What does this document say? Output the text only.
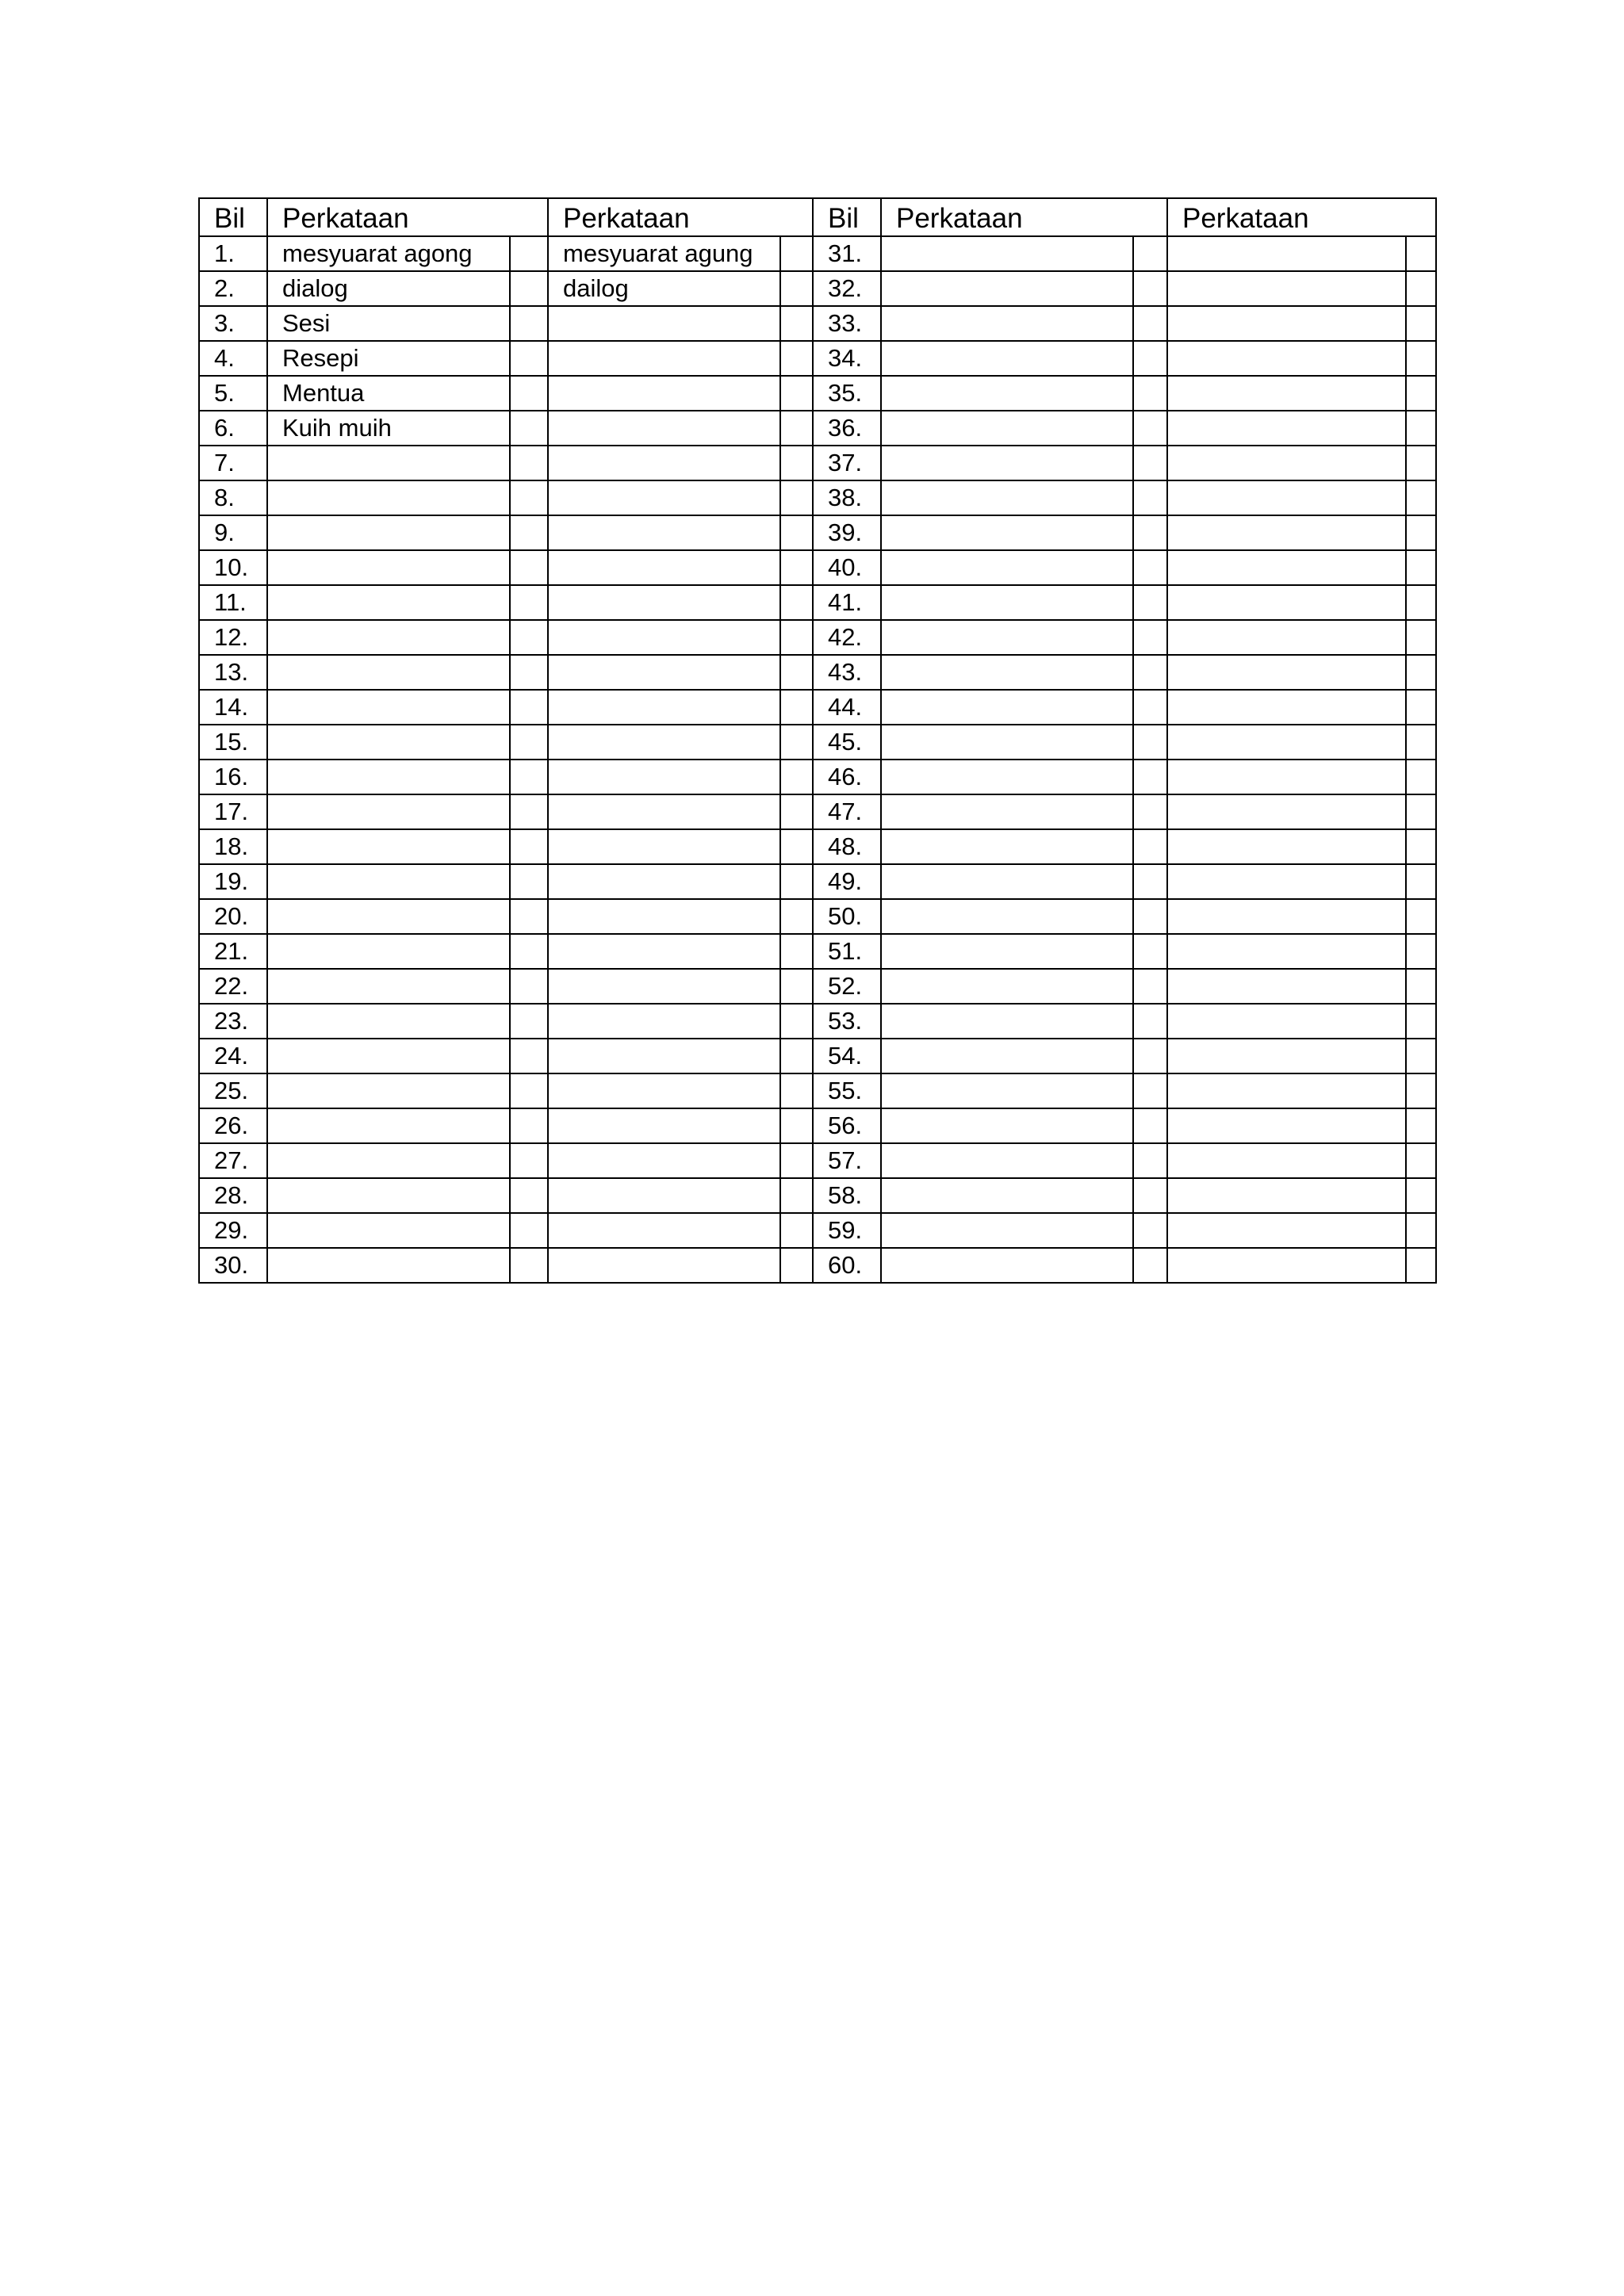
Bil	Perkataan		Perkataan		Bil	Perkataan		Perkataan	
1.	mesyuarat agong		mesyuarat agung		31.				
2.	dialog		dailog		32.				
3.	Sesi				33.				
4.	Resepi				34.				
5.	Mentua				35.				
6.	Kuih muih				36.				
7.					37.				
8.					38.				
9.					39.				
10.					40.				
11.					41.				
12.					42.				
13.					43.				
14.					44.				
15.					45.				
16.					46.				
17.					47.				
18.					48.				
19.					49.				
20.					50.				
21.					51.				
22.					52.				
23.					53.				
24.					54.				
25.					55.				
26.					56.				
27.					57.				
28.					58.				
29.					59.				
30.					60.				
